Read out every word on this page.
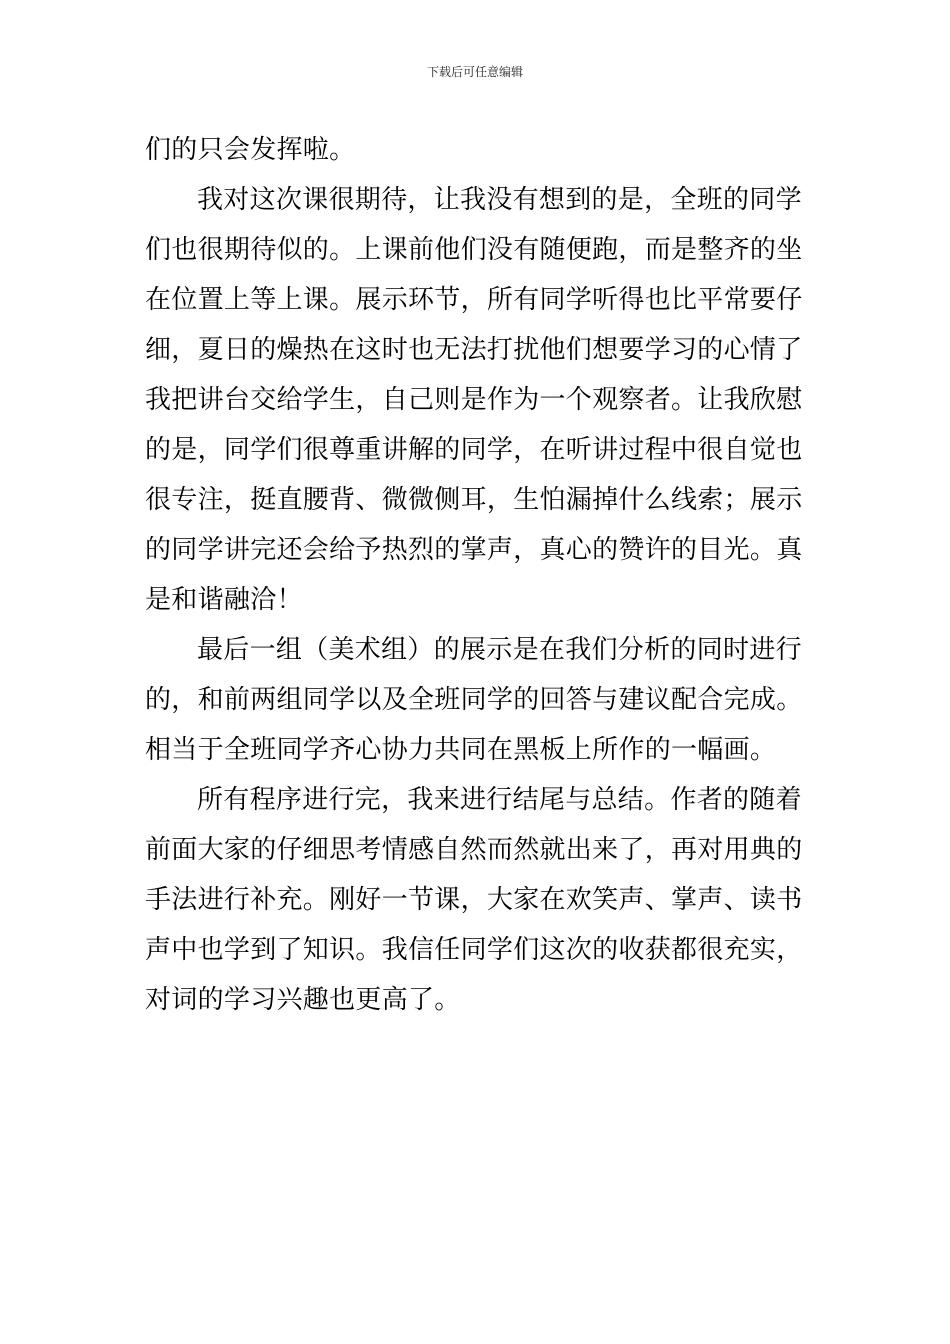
下载后可任意编辑
们的只会发挥啦。
我对这次课很期待，让我没有想到的是，全班的同学
们也很期待似的。上课前他们没有随便跑，而是整齐的坐
在位置上等上课。展示环节，所有同学听得也比平常要仔
细，夏日的燥热在这时也无法打扰他们想要学习的心情了
我把讲台交给学生，自己则是作为一个观察者。让我欣慰
的是，同学们很尊重讲解的同学，在听讲过程中很自觉也
很专注，挺直腰背、微微侧耳，生怕漏掉什么线索；展示
的同学讲完还会给予热烈的掌声，真心的赞许的目光。真
是和谐融洽！
最后一组（美术组）的展示是在我们分析的同时进行
的，和前两组同学以及全班同学的回答与建议配合完成。
相当于全班同学齐心协力共同在黑板上所作的一幅画。
所有程序进行完，我来进行结尾与总结。作者的随着
前面大家的仔细思考情感自然而然就出来了，再对用典的
手法进行补充。刚好一节课，大家在欢笑声、掌声、读书
声中也学到了知识。我信任同学们这次的收获都很充实，
对词的学习兴趣也更高了。
